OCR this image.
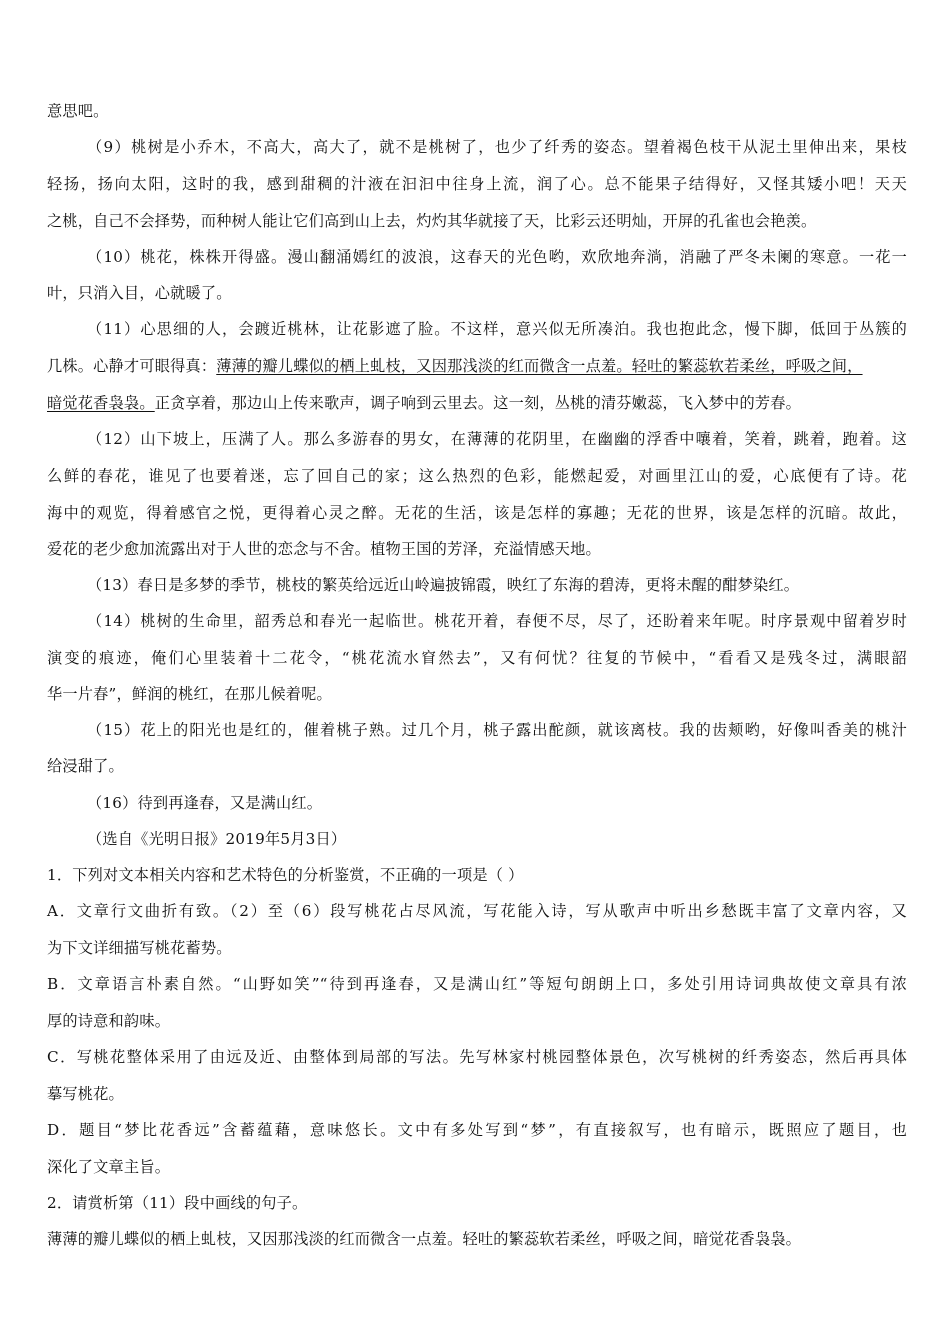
意思吧。
（9）桃树是小乔木，不高大，高大了，就不是桃树了，也少了纤秀的姿态。望着褐色枝干从泥土里伸出来，果枝
轻扬，扬向太阳，这时的我，感到甜稠的汁液在汩汩中往身上流，润了心。总不能果子结得好，又怪其矮小吧！天天
之桃，自己不会择势，而种树人能让它们高到山上去，灼灼其华就接了天，比彩云还明灿，开屏的孔雀也会艳羡。
（10）桃花，株株开得盛。漫山翻涌嫣红的波浪，这春天的光色哟，欢欣地奔淌，消融了严冬未阑的寒意。一花一
叶，只消入目，心就暖了。
（11）心思细的人，会踱近桃林，让花影遮了脸。不这样，意兴似无所凑泊。我也抱此念，慢下脚，低回于丛簇的
几株。心静才可眼得真：薄薄的瓣儿蝶似的栖上虬枝，又因那浅淡的红而微含一点羞。轻吐的繁蕊软若柔丝，呼吸之间，
暗觉花香袅袅。正贪享着，那边山上传来歌声，调子响到云里去。这一刻，丛桃的清芬嫩蕊，飞入梦中的芳春。
（12）山下坡上，压满了人。那么多游春的男女，在薄薄的花阴里，在幽幽的浮香中嚷着，笑着，跳着，跑着。这
么鲜的春花，谁见了也要着迷，忘了回自己的家；这么热烈的色彩，能燃起爱，对画里江山的爱，心底便有了诗。花
海中的观览，得着感官之悦，更得着心灵之醉。无花的生活，该是怎样的寡趣；无花的世界，该是怎样的沉暗。故此，
爱花的老少愈加流露出对于人世的恋念与不舍。植物王国的芳泽，充溢情感天地。
（13）春日是多梦的季节，桃枝的繁英给远近山岭遍披锦霞，映红了东海的碧涛，更将未醒的酣梦染红。
（14）桃树的生命里，韶秀总和春光一起临世。桃花开着，春便不尽，尽了，还盼着来年呢。时序景观中留着岁时
演变的痕迹，俺们心里装着十二花令，“桃花流水窅然去”，又有何忧？往复的节候中，“看看又是残冬过，满眼韶
华一片春”，鲜润的桃红，在那儿候着呢。
（15）花上的阳光也是红的，催着桃子熟。过几个月，桃子露出酡颜，就该离枝。我的齿颊哟，好像叫香美的桃汁
给浸甜了。
（16）待到再逢春，又是满山红。
（选自《光明日报》2019年5月3日）
1．下列对文本相关内容和艺术特色的分析鉴赏，不正确的一项是（ ）
A．文章行文曲折有致。（2）至（6）段写桃花占尽风流，写花能入诗，写从歌声中听出乡愁既丰富了文章内容，又
为下文详细描写桃花蓄势。
B．文章语言朴素自然。“山野如笑”“待到再逢春，又是满山红”等短句朗朗上口，多处引用诗词典故使文章具有浓
厚的诗意和韵味。
C．写桃花整体采用了由远及近、由整体到局部的写法。先写林家村桃园整体景色，次写桃树的纤秀姿态，然后再具体
摹写桃花。
D．题目“梦比花香远”含蓄蕴藉，意味悠长。文中有多处写到“梦”，有直接叙写，也有暗示，既照应了题目，也
深化了文章主旨。
2．请赏析第（11）段中画线的句子。
薄薄的瓣儿蝶似的栖上虬枝，又因那浅淡的红而微含一点羞。轻吐的繁蕊软若柔丝，呼吸之间，暗觉花香袅袅。
